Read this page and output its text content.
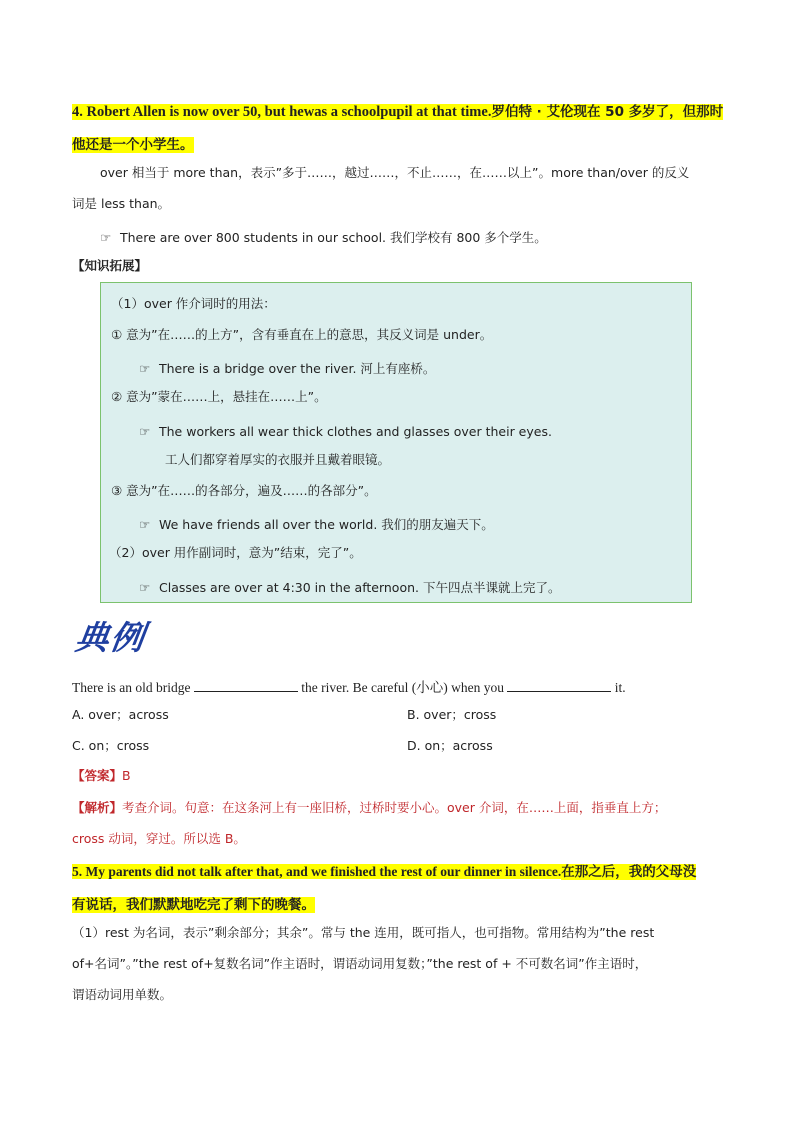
4. Robert Allen is now over 50, but hewas a schoolpupil at that time.罗伯特 · 艾伦现在 50 多岁了，但那时
他还是一个小学生。
over 相当于 more than，表示”多于……，越过……，不止……，在……以上”。more than/over 的反义
词是 less than。
☞ There are over 800 students in our school. 我们学校有 800 多个学生。
【知识拓展】
（1）over 作介词时的用法：
① 意为”在……的上方”，含有垂直在上的意思，其反义词是 under。
☞ There is a bridge over the river. 河上有座桥。
② 意为”蒙在……上，悬挂在……上”。
☞ The workers all wear thick clothes and glasses over their eyes.
工人们都穿着厚实的衣服并且戴着眼镜。
③ 意为”在……的各部分，遍及……的各部分”。
☞ We have friends all over the world. 我们的朋友遍天下。
（2）over 用作副词时，意为”结束，完了”。
☞ Classes are over at 4:30 in the afternoon. 下午四点半课就上完了。
典例
There is an old bridge	the river. Be careful (小心) when you	it.
A. over；across	B. over；cross
C. on；cross	D. on；across
【答案】B
【解析】考查介词。句意：在这条河上有一座旧桥，过桥时要小心。over 介词，在……上面，指垂直上方；
cross 动词，穿过。所以选 B。
5. My parents did not talk after that, and we finished the rest of our dinner in silence.在那之后，我的父母没
有说话，我们默默地吃完了剩下的晚餐。
（1）rest 为名词，表示”剩余部分；其余”。常与 the 连用，既可指人，也可指物。常用结构为”the rest
of+名词”。”the rest of+复数名词”作主语时，谓语动词用复数；”the rest of + 不可数名词”作主语时，
谓语动词用单数。
